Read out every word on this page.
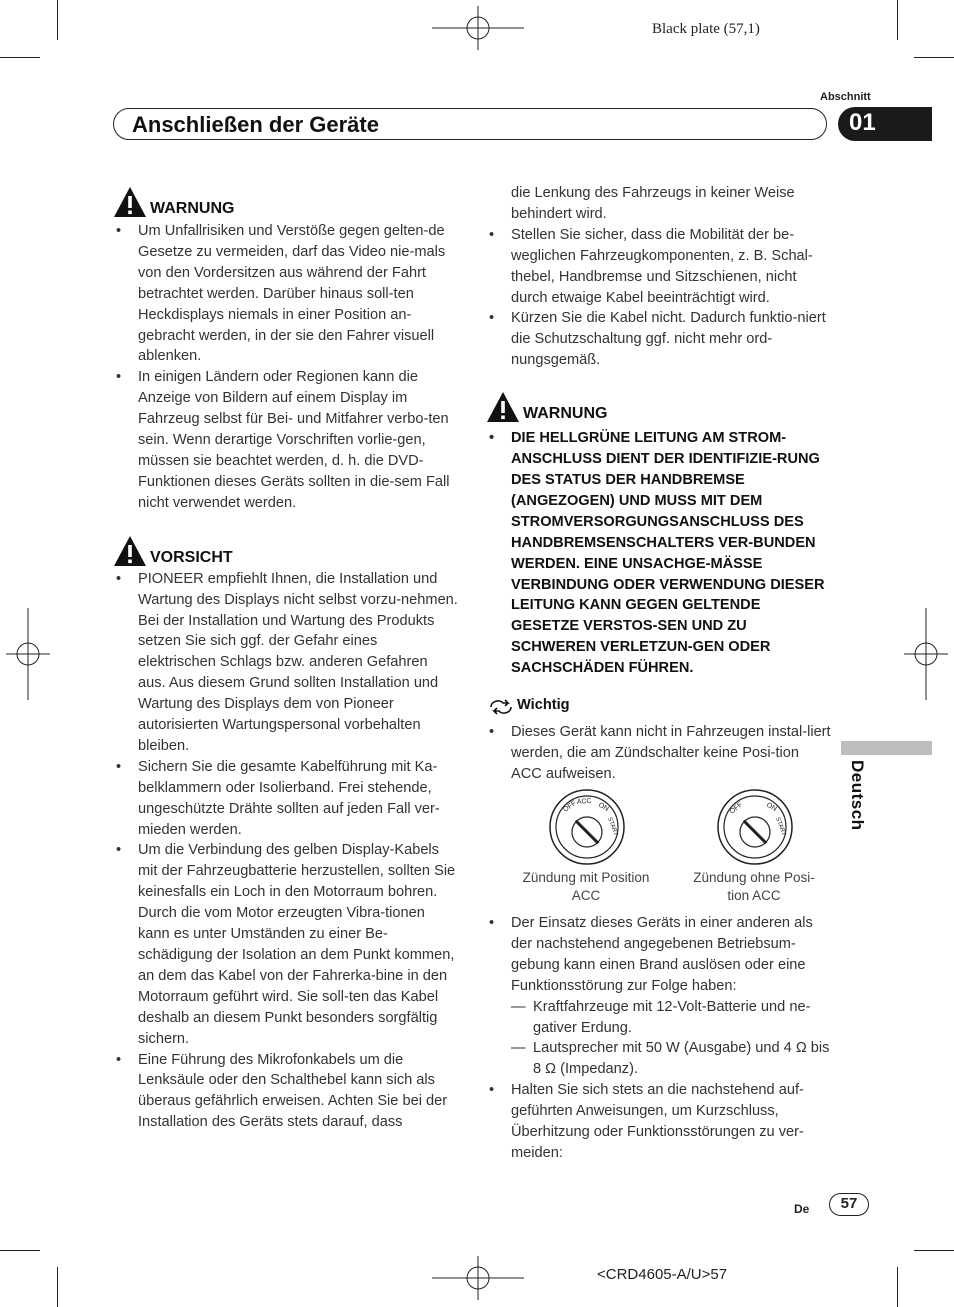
Black plate (57,1)
Abschnitt
Anschließen der Geräte	01
Deutsch
WARNUNG

• Um Unfallrisiken und Verstöße gegen gelten-de Gesetze zu vermeiden, darf das Video nie-mals von den Vordersitzen aus während der Fahrt betrachtet werden. Darüber hinaus soll-ten Heckdisplays niemals in einer Position an-gebracht werden, in der sie den Fahrer visuell ablenken.

• In einigen Ländern oder Regionen kann die Anzeige von Bildern auf einem Display im Fahrzeug selbst für Bei- und Mitfahrer verbo-ten sein. Wenn derartige Vorschriften vorlie-gen, müssen sie beachtet werden, d. h. die DVD-Funktionen dieses Geräts sollten in die-sem Fall nicht verwendet werden.

VORSICHT

• PIONEER empfiehlt Ihnen, die Installation und Wartung des Displays nicht selbst vorzu-nehmen. Bei der Installation und Wartung des Produkts setzen Sie sich ggf. der Gefahr eines elektrischen Schlags bzw. anderen Gefahren aus. Aus diesem Grund sollten Installation und Wartung des Displays dem von Pioneer autorisierten Wartungspersonal vorbehalten bleiben.

• Sichern Sie die gesamte Kabelführung mit Ka-belklammern oder Isolierband. Frei stehende, ungeschützte Drähte sollten auf jeden Fall ver-mieden werden.

• Um die Verbindung des gelben Display-Kabels mit der Fahrzeugbatterie herzustellen, sollten Sie keinesfalls ein Loch in den Motorraum bohren. Durch die vom Motor erzeugten Vibra-tionen kann es unter Umständen zu einer Be-schädigung der Isolation an dem Punkt kommen, an dem das Kabel von der Fahrerka-bine in den Motorraum geführt wird. Sie soll-ten das Kabel deshalb an diesem Punkt besonders sorgfältig sichern.

• Eine Führung des Mikrofonkabels um die Lenksäule oder den Schalthebel kann sich als überaus gefährlich erweisen. Achten Sie bei der Installation des Geräts stets darauf, dass

die Lenkung des Fahrzeugs in keiner Weise behindert wird.

• Stellen Sie sicher, dass die Mobilität der be-weglichen Fahrzeugkomponenten, z. B. Schal-thebel, Handbremse und Sitzschienen, nicht durch etwaige Kabel beeinträchtigt wird.

• Kürzen Sie die Kabel nicht. Dadurch funktio-niert die Schutzschaltung ggf. nicht mehr ord-nungsgemäß.

WARNUNG

• DIE HELLGRÜNE LEITUNG AM STROM-ANSCHLUSS DIENT DER IDENTIFIZIE-RUNG DES STATUS DER HANDBREMSE (ANGEZOGEN) UND MUSS MIT DEM STROMVERSORGUNGSANSCHLUSS DES HANDBREMSENSCHALTERS VER-BUNDEN WERDEN. EINE UNSACHGE-MÄSSE VERBINDUNG ODER VERWENDUNG DIESER LEITUNG KANN GEGEN GELTENDE GESETZE VERSTOS-SEN UND ZU SCHWEREN VERLETZUN-GEN ODER SACHSCHÄDEN FÜHREN.

Wichtig

• Dieses Gerät kann nicht in Fahrzeugen instal-liert werden, die am Zündschalter keine Posi-tion ACC aufweisen.

OFF
ACC ON
START
OFF	ON
START
Zündung mit Position
ACC
Zündung ohne Posi-
tion ACC

• Der Einsatz dieses Geräts in einer anderen als der nachstehend angegebenen Betriebsum-gebung kann einen Brand auslösen oder eine Funktionsstörung zur Folge haben:

— Kraftfahrzeuge mit 12-Volt-Batterie und ne-gativer Erdung.

— Lautsprecher mit 50 W (Ausgabe) und 4 Ω bis 8 Ω (Impedanz).

• Halten Sie sich stets an die nachstehend auf-geführten Anweisungen, um Kurzschluss, Überhitzung oder Funktionsstörungen zu ver-meiden:

De	57
<CRD4605-A/U>57
